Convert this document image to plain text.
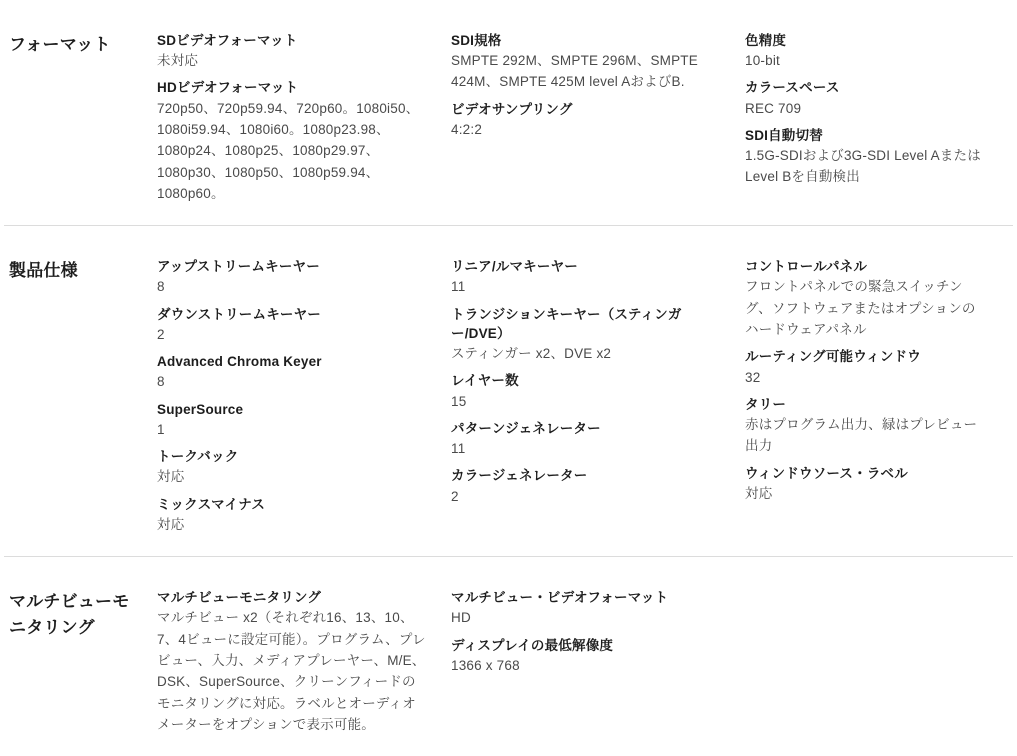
フォーマット	SDビデオフォーマット
未対応
HDビデオフォーマット
720p50、720p59.94、720p60。1080i50、1080i59.94、1080i60。1080p23.98、1080p24、1080p25、1080p29.97、1080p30、1080p50、1080p59.94、1080p60。
SDI規格
SMPTE 292M、SMPTE 296M、SMPTE 424M、SMPTE 425M level AおよびB.
ビデオサンプリング
4:2:2
色精度
10-bit
カラースペース
REC 709
SDI自動切替
1.5G-SDIおよび3G-SDI Level AまたはLevel Bを自動検出
製品仕様	アップストリームキーヤー
8
ダウンストリームキーヤー
2
Advanced Chroma Keyer
8
SuperSource
1
トークバック
対応
ミックスマイナス
対応
リニア/ルマキーヤー
11
トランジションキーヤー（スティンガー/DVE）
スティンガー x2、DVE x2
レイヤー数
15
パターンジェネレーター
11
カラージェネレーター
2
コントロールパネル
フロントパネルでの緊急スイッチング、ソフトウェアまたはオプションのハードウェアパネル
ルーティング可能ウィンドウ
32
タリー
赤はプログラム出力、緑はプレビュー出力
ウィンドウソース・ラベル
対応
マルチビューモニタリング
マルチビューモニタリング
マルチビュー x2（それぞれ16、13、10、7、4ビューに設定可能）。プログラム、プレビュー、入力、メディアプレーヤー、M/E、DSK、SuperSource、クリーンフィードのモニタリングに対応。ラベルとオーディオメーターをオプションで表示可能。
マルチビュー・ビデオフォーマット
HD
ディスプレイの最低解像度
1366 x 768
